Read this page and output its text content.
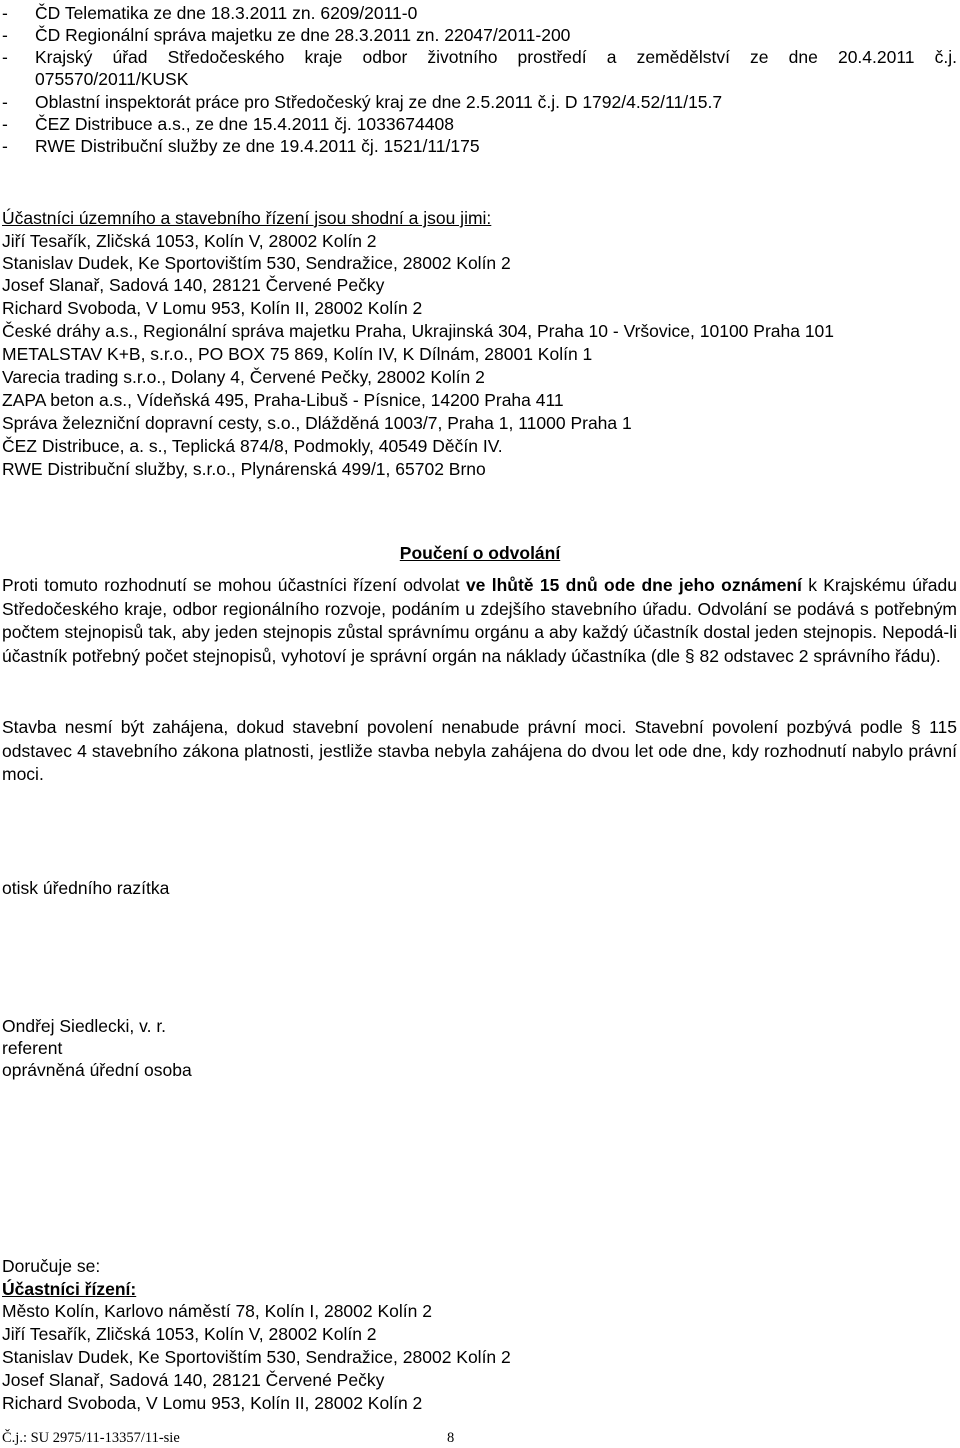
- ČD Telematika ze dne 18.3.2011 zn. 6209/2011-0
- ČD Regionální správa majetku ze dne 28.3.2011 zn. 22047/2011-200
- Krajský úřad Středočeského kraje odbor životního prostředí a zemědělství ze dne 20.4.2011 č.j.
075570/2011/KUSK
- Oblastní inspektorát práce pro Středočeský kraj ze dne 2.5.2011 č.j. D 1792/4.52/11/15.7
- ČEZ Distribuce a.s., ze dne 15.4.2011 čj. 1033674408
- RWE Distribuční služby ze dne 19.4.2011 čj. 1521/11/175
Účastníci územního a stavebního řízení jsou shodní a jsou jimi:
Jiří Tesařík, Zličská 1053, Kolín V, 28002 Kolín 2
Stanislav Dudek, Ke Sportovištím 530, Sendražice, 28002 Kolín 2
Josef Slanař, Sadová 140, 28121 Červené Pečky
Richard Svoboda, V Lomu 953, Kolín II, 28002 Kolín 2
České dráhy a.s., Regionální správa majetku Praha, Ukrajinská 304, Praha 10 - Vršovice, 10100 Praha 101
METALSTAV K+B, s.r.o., PO BOX 75 869, Kolín IV, K Dílnám, 28001 Kolín 1
Varecia trading s.r.o., Dolany 4, Červené Pečky, 28002 Kolín 2
ZAPA beton a.s., Vídeňská 495, Praha-Libuš - Písnice, 14200 Praha 411
Správa železniční dopravní cesty, s.o., Dlážděná 1003/7, Praha 1, 11000 Praha 1
ČEZ Distribuce, a. s., Teplická 874/8, Podmokly, 40549 Děčín IV.
RWE Distribuční služby, s.r.o., Plynárenská 499/1, 65702 Brno
Poučení o odvolání
Proti tomuto rozhodnutí se mohou účastníci řízení odvolat ve lhůtě 15 dnů ode dne jeho oznámení k Krajskému úřadu Středočeského kraje, odbor regionálního rozvoje, podáním u zdejšího stavebního úřadu. Odvolání se podává s potřebným počtem stejnopisů tak, aby jeden stejnopis zůstal správnímu orgánu a aby každý účastník dostal jeden stejnopis. Nepodá-li účastník potřebný počet stejnopisů, vyhotoví je správní orgán na náklady účastníka (dle § 82 odstavec 2 správního řádu).
Stavba nesmí být zahájena, dokud stavební povolení nenabude právní moci. Stavební povolení pozbývá podle § 115 odstavec 4 stavebního zákona platnosti, jestliže stavba nebyla zahájena do dvou let ode dne, kdy rozhodnutí nabylo právní moci.
otisk úředního razítka
Ondřej Siedlecki, v. r.
referent
oprávněná úřední osoba
Doručuje se:
Účastníci řízení:
Město Kolín, Karlovo náměstí 78, Kolín I, 28002 Kolín 2
Jiří Tesařík, Zličská 1053, Kolín V, 28002 Kolín 2
Stanislav Dudek, Ke Sportovištím 530, Sendražice, 28002 Kolín 2
Josef Slanař, Sadová 140, 28121 Červené Pečky
Richard Svoboda, V Lomu 953, Kolín II, 28002 Kolín 2
Č.j.: SU 2975/11-13357/11-sie	8
